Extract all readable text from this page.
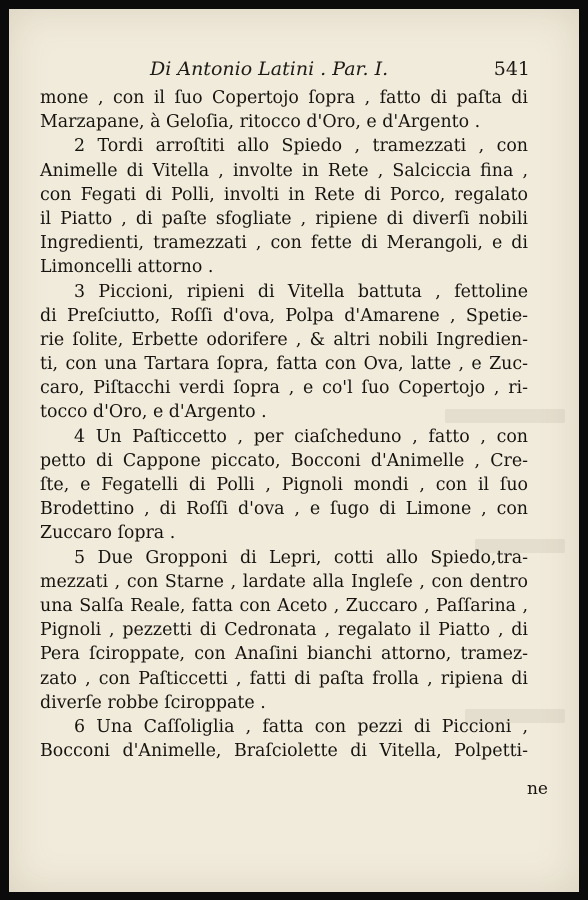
Di Antonio Latini . Par. I.	541
mone , con il ſuo Copertojo ſopra , fatto di paſta di
Marzapane, à Geloſia, ritocco d'Oro, e d'Argento .
2 Tordi arroſtiti allo Spiedo , tramezzati , con
Animelle di Vitella , involte in Rete , Salciccia fina ,
con Fegati di Polli, involti in Rete di Porco, regalato
il Piatto , di paſte sfogliate , ripiene di diverſi nobili
Ingredienti, tramezzati , con fette di Merangoli, e di
Limoncelli attorno .
3 Piccioni, ripieni di Vitella battuta , fettoline
di Preſciutto, Roſſi d'ova, Polpa d'Amarene , Spetie-
rie ſolite, Erbette odorifere , & altri nobili Ingredien-
ti, con una Tartara ſopra, fatta con Ova, latte , e Zuc-
caro, Piſtacchi verdi ſopra , e co'l ſuo Copertojo , ri-
tocco d'Oro, e d'Argento .
4 Un Paſticcetto , per ciaſcheduno , fatto , con
petto di Cappone piccato, Bocconi d'Animelle , Cre-
ſte, e Fegatelli di Polli , Pignoli mondi , con il ſuo
Brodettino , di Roſſi d'ova , e ſugo di Limone , con
Zuccaro ſopra .
5 Due Gropponi di Lepri, cotti allo Spiedo,tra-
mezzati , con Starne , lardate alla Ingleſe , con dentro
una Salſa Reale, fatta con Aceto , Zuccaro , Paſſarina ,
Pignoli , pezzetti di Cedronata , regalato il Piatto , di
Pera ſciroppate, con Anaſini bianchi attorno, tramez-
zato , con Paſticcetti , fatti di paſta frolla , ripiena di
diverſe robbe ſciroppate .
6 Una Caſſoliglia , fatta con pezzi di Piccioni ,
Bocconi d'Animelle, Braſciolette di Vitella, Polpetti-
ne
